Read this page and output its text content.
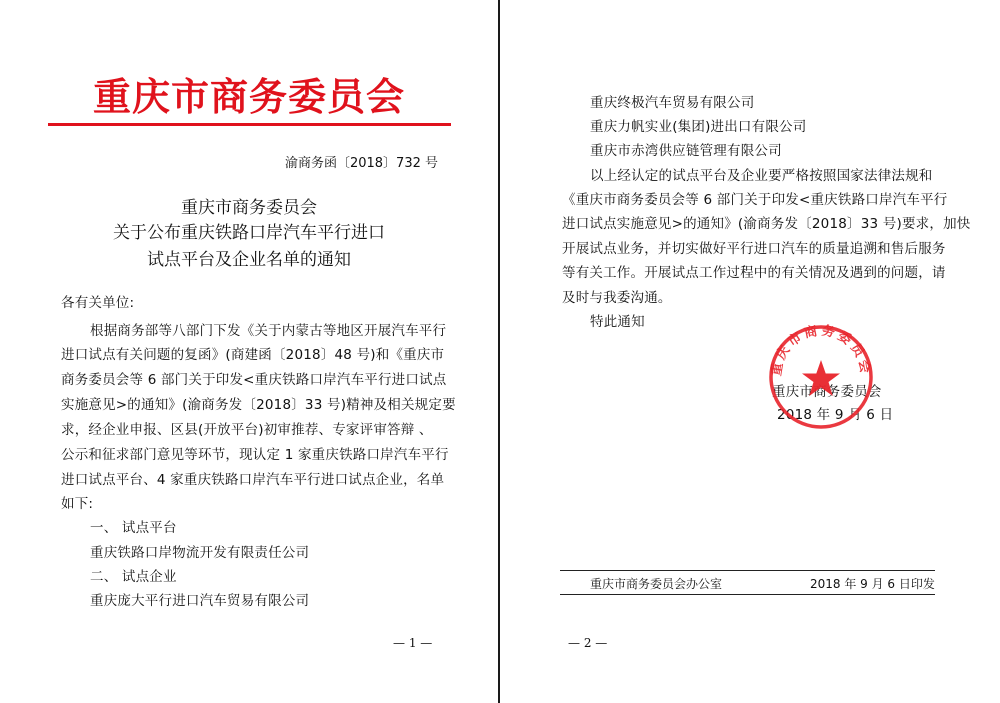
重庆市商务委员会
渝商务函〔2018〕732 号
重庆市商务委员会
关于公布重庆铁路口岸汽车平行进口
试点平台及企业名单的通知
各有关单位:
根据商务部等八部门下发《关于内蒙古等地区开展汽车平行
进口试点有关问题的复函》(商建函〔2018〕48 号)和《重庆市
商务委员会等 6 部门关于印发<重庆铁路口岸汽车平行进口试点
实施意见>的通知》(渝商务发〔2018〕33 号)精神及相关规定要
求，经企业申报、区县(开放平台)初审推荐、专家评审答辩 、
公示和征求部门意见等环节，现认定 1 家重庆铁路口岸汽车平行
进口试点平台、4 家重庆铁路口岸汽车平行进口试点企业，名单
如下:
一、 试点平台
重庆铁路口岸物流开发有限责任公司
二、 试点企业
重庆庞大平行进口汽车贸易有限公司
— 1 —
重庆终极汽车贸易有限公司
重庆力帆实业(集团)进出口有限公司
重庆市赤湾供应链管理有限公司
以上经认定的试点平台及企业要严格按照国家法律法规和
《重庆市商务委员会等 6 部门关于印发<重庆铁路口岸汽车平行
进口试点实施意见>的通知》(渝商务发〔2018〕33 号)要求，加快
开展试点业务，并切实做好平行进口汽车的质量追溯和售后服务
等有关工作。开展试点工作过程中的有关情况及遇到的问题，请
及时与我委沟通。
特此通知
重庆市商务委员会
2018 年 9 月 6 日
— 2 —
重庆市商务委员会
重庆市商务委员会办公室	2018 年 9 月 6 日印发
